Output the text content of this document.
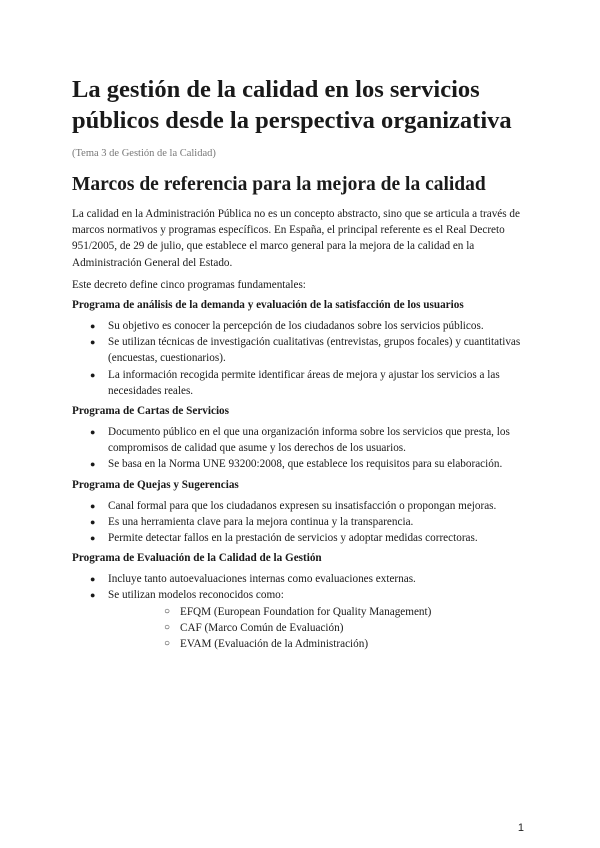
La gestión de la calidad en los servicios públicos desde la perspectiva organizativa
(Tema 3 de Gestión de la Calidad)
Marcos de referencia para la mejora de la calidad

La calidad en la Administración Pública no es un concepto abstracto, sino que se articula a través de marcos normativos y programas específicos. En España, el principal referente es el Real Decreto 951/2005, de 29 de julio, que establece el marco general para la mejora de la calidad en la Administración General del Estado.

Este decreto define cinco programas fundamentales:

Programa de análisis de la demanda y evaluación de la satisfacción de los usuarios
● Su objetivo es conocer la percepción de los ciudadanos sobre los servicios públicos.
● Se utilizan técnicas de investigación cualitativas (entrevistas, grupos focales) y cuantitativas (encuestas, cuestionarios).
● La información recogida permite identificar áreas de mejora y ajustar los servicios a las necesidades reales.
Programa de Cartas de Servicios
● Documento público en el que una organización informa sobre los servicios que presta, los compromisos de calidad que asume y los derechos de los usuarios.
● Se basa en la Norma UNE 93200:2008, que establece los requisitos para su elaboración.
Programa de Quejas y Sugerencias
● Canal formal para que los ciudadanos expresen su insatisfacción o propongan mejoras.
● Es una herramienta clave para la mejora continua y la transparencia.
● Permite detectar fallos en la prestación de servicios y adoptar medidas correctoras.
Programa de Evaluación de la Calidad de la Gestión
● Incluye tanto autoevaluaciones internas como evaluaciones externas.
● Se utilizan modelos reconocidos como:
○ EFQM (European Foundation for Quality Management)
○ CAF (Marco Común de Evaluación)
○ EVAM (Evaluación de la Administración)
1
